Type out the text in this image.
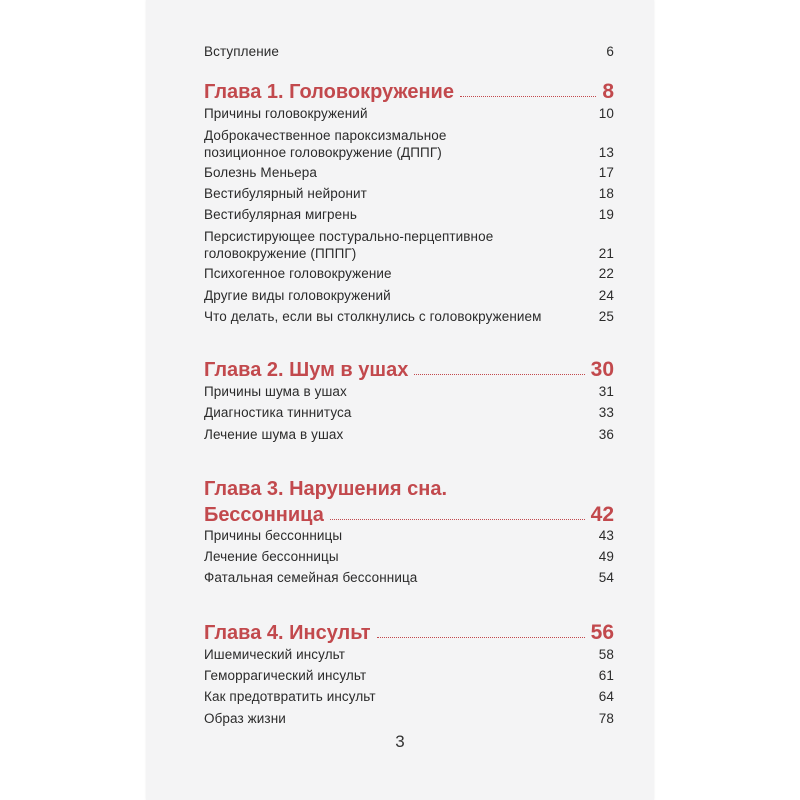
Вступление	6
Глава 1. Головокружение	8
Причины головокружений	10
Доброкачественное пароксизмальное позиционное головокружение (ДППГ)	13
Болезнь Меньера	17
Вестибулярный нейронит	18
Вестибулярная мигрень	19
Персистирующее постурально-перцептивное головокружение (ПППГ)	21
Психогенное головокружение	22
Другие виды головокружений	24
Что делать, если вы столкнулись с головокружением	25
Глава 2. Шум в ушах	30
Причины шума в ушах	31
Диагностика тиннитуса	33
Лечение шума в ушах	36
Глава 3. Нарушения сна.
Бессонница	42
Причины бессонницы	43
Лечение бессонницы	49
Фатальная семейная бессонница	54
Глава 4. Инсульт	56
Ишемический инсульт	58
Геморрагический инсульт	61
Как предотвратить инсульт	64
Образ жизни	78
3
